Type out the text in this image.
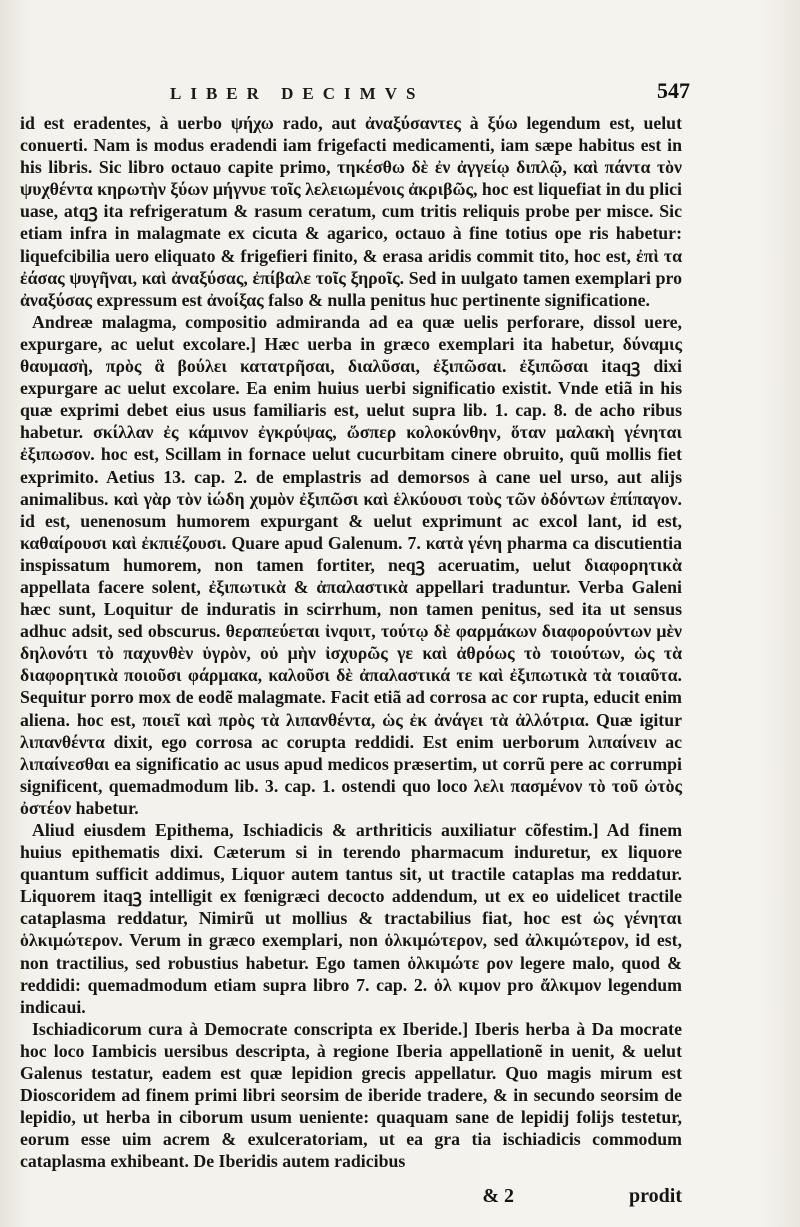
LIBER DECIMVS	547

id est eradentes, à uerbo ψήχω rado, aut ἀναξύσαντες à ξύω legendum est, uelut conuerti. Nam is modus eradendi iam frigefacti medicamenti, iam sæpe habitus est in his libris. Sic libro octauo capite primo, τηκέσθω δὲ ἐν ἀγγείῳ διπλῷ, καὶ πάντα τὸν ψυχθέντα κηρωτὴν ξύων μήγνυε τοῖς λελειωμένοις ἀκριβῶς, hoc est liquefiat in du plici uase, atqꝫ ita refrigeratum & rasum ceratum, cum tritis reliquis probe per misce. Sic etiam infra in malagmate ex cicuta & agarico, octauo à fine totius ope ris habetur: liquefcibilia uero eliquato & frigefieri finito, & erasa aridis commit tito, hoc est, ἐπὶ τα ἐάσας ψυγῆναι, καὶ ἀναξύσας, ἐπίβαλε τοῖς ξηροῖς. Sed in uulgato tamen exemplari pro ἀναξύσας expressum est ἀνοίξας falso & nulla penitus huc pertinente significatione.

Andreæ malagma, compositio admiranda ad ea quæ uelis perforare, dissol uere, expurgare, ac uelut excolare.] Hæc uerba in græco exemplari ita habetur, δύναμις θαυμασὴ, πρὸς ἃ βούλει κατατρῆσαι, διαλῦσαι, ἐξιπῶσαι. ἐξιπῶσαι itaqꝫ dixi expurgare ac uelut excolare. Ea enim huius uerbi significatio existit. Vnde etiã in his quæ exprimi debet eius usus familiaris est, uelut supra lib. 1. cap. 8. de acho ribus habetur. σκίλλαν ἐς κάμινον ἐγκρύψας, ὥσπερ κολοκύνθην, ὅταν μαλακὴ γένηται ἐξιπωσον. hoc est, Scillam in fornace uelut cucurbitam cinere obruito, quũ mollis fiet exprimito. Aetius 13. cap. 2. de emplastris ad demorsos à cane uel urso, aut alijs animalibus. καὶ γὰρ τὸν ἰώδη χυμὸν ἐξιπῶσι καὶ ἑλκύουσι τοὺς τῶν ὀδόντων ἐπίπαγον. id est, uenenosum humorem expurgant & uelut exprimunt ac excol lant, id est, καθαίρουσι καὶ ἐκπιέζουσι. Quare apud Galenum. 7. κατὰ γένη pharma ca discutientia inspissatum humorem, non tamen fortiter, neqꝫ aceruatim, uelut διαφορητικὰ appellata facere solent, ἐξιπωτικὰ & ἀπαλαστικὰ appellari traduntur. Verba Galeni hæc sunt, Loquitur de induratis in scirrhum, non tamen penitus, sed ita ut sensus adhuc adsit, sed obscurus. θεραπεύεται ἰνqυιτ, τούτῳ δὲ φαρμάκων διαφορούντων μὲν δηλονότι τὸ παχυνθὲν ὑγρὸν, οὐ μὴν ἰσχυρῶς γε καὶ ἀθρόως τὸ τοιούτων, ὡς τὰ διαφορητικὰ ποιοῦσι φάρμακα, καλοῦσι δὲ ἀπαλαστικά τε καὶ ἐξιπωτικὰ τὰ τοιαῦτα. Sequitur porro mox de eodẽ malagmate. Facit etiã ad corrosa ac cor rupta, educit enim aliena. hoc est, ποιεῖ καὶ πρὸς τὰ λιπανθέντα, ὡς ἐκ ἀνάγει τὰ ἀλλότρια. Quæ igitur λιπανθέντα dixit, ego corrosa ac corupta reddidi. Est enim uerborum λιπαίνειν ac λιπαίνεσθαι ea significatio ac usus apud medicos præsertim, ut corrũ pere ac corrumpi significent, quemadmodum lib. 3. cap. 1. ostendi quo loco λελι πασμένον τὸ τοῦ ὠτὸς ὀστέον habetur.

Aliud eiusdem Epithema, Ischiadicis & arthriticis auxiliatur cõfestim.] Ad finem huius epithematis dixi. Cæterum si in terendo pharmacum induretur, ex liquore quantum sufficit addimus, Liquor autem tantus sit, ut tractile cataplas ma reddatur. Liquorem itaqꝫ intelligit ex fœnigræci decocto addendum, ut ex eo uidelicet tractile cataplasma reddatur, Nimirũ ut mollius & tractabilius fiat, hoc est ὡς γένηται ὁλκιμώτερον. Verum in græco exemplari, non ὁλκιμώτερον, sed ἀλκιμώτερον, id est, non tractilius, sed robustius habetur. Ego tamen ὁλκιμώτε ρον legere malo, quod & reddidi: quemadmodum etiam supra libro 7. cap. 2. ὁλ κιμον pro ἄλκιμον legendum indicaui.

Ischiadicorum cura à Democrate conscripta ex Iberide.] Iberis herba à Da mocrate hoc loco Iambicis uersibus descripta, à regione Iberia appellationẽ in uenit, & uelut Galenus testatur, eadem est quæ lepidion grecis appellatur. Quo magis mirum est Dioscoridem ad finem primi libri seorsim de iberide tradere, & in secundo seorsim de lepidio, ut herba in ciborum usum ueniente: quaquam sane de lepidij folijs testetur, eorum esse uim acrem & exulceratoriam, ut ea gra tia ischiadicis commodum cataplasma exhibeant. De Iberidis autem radicibus

& 2	prodit
